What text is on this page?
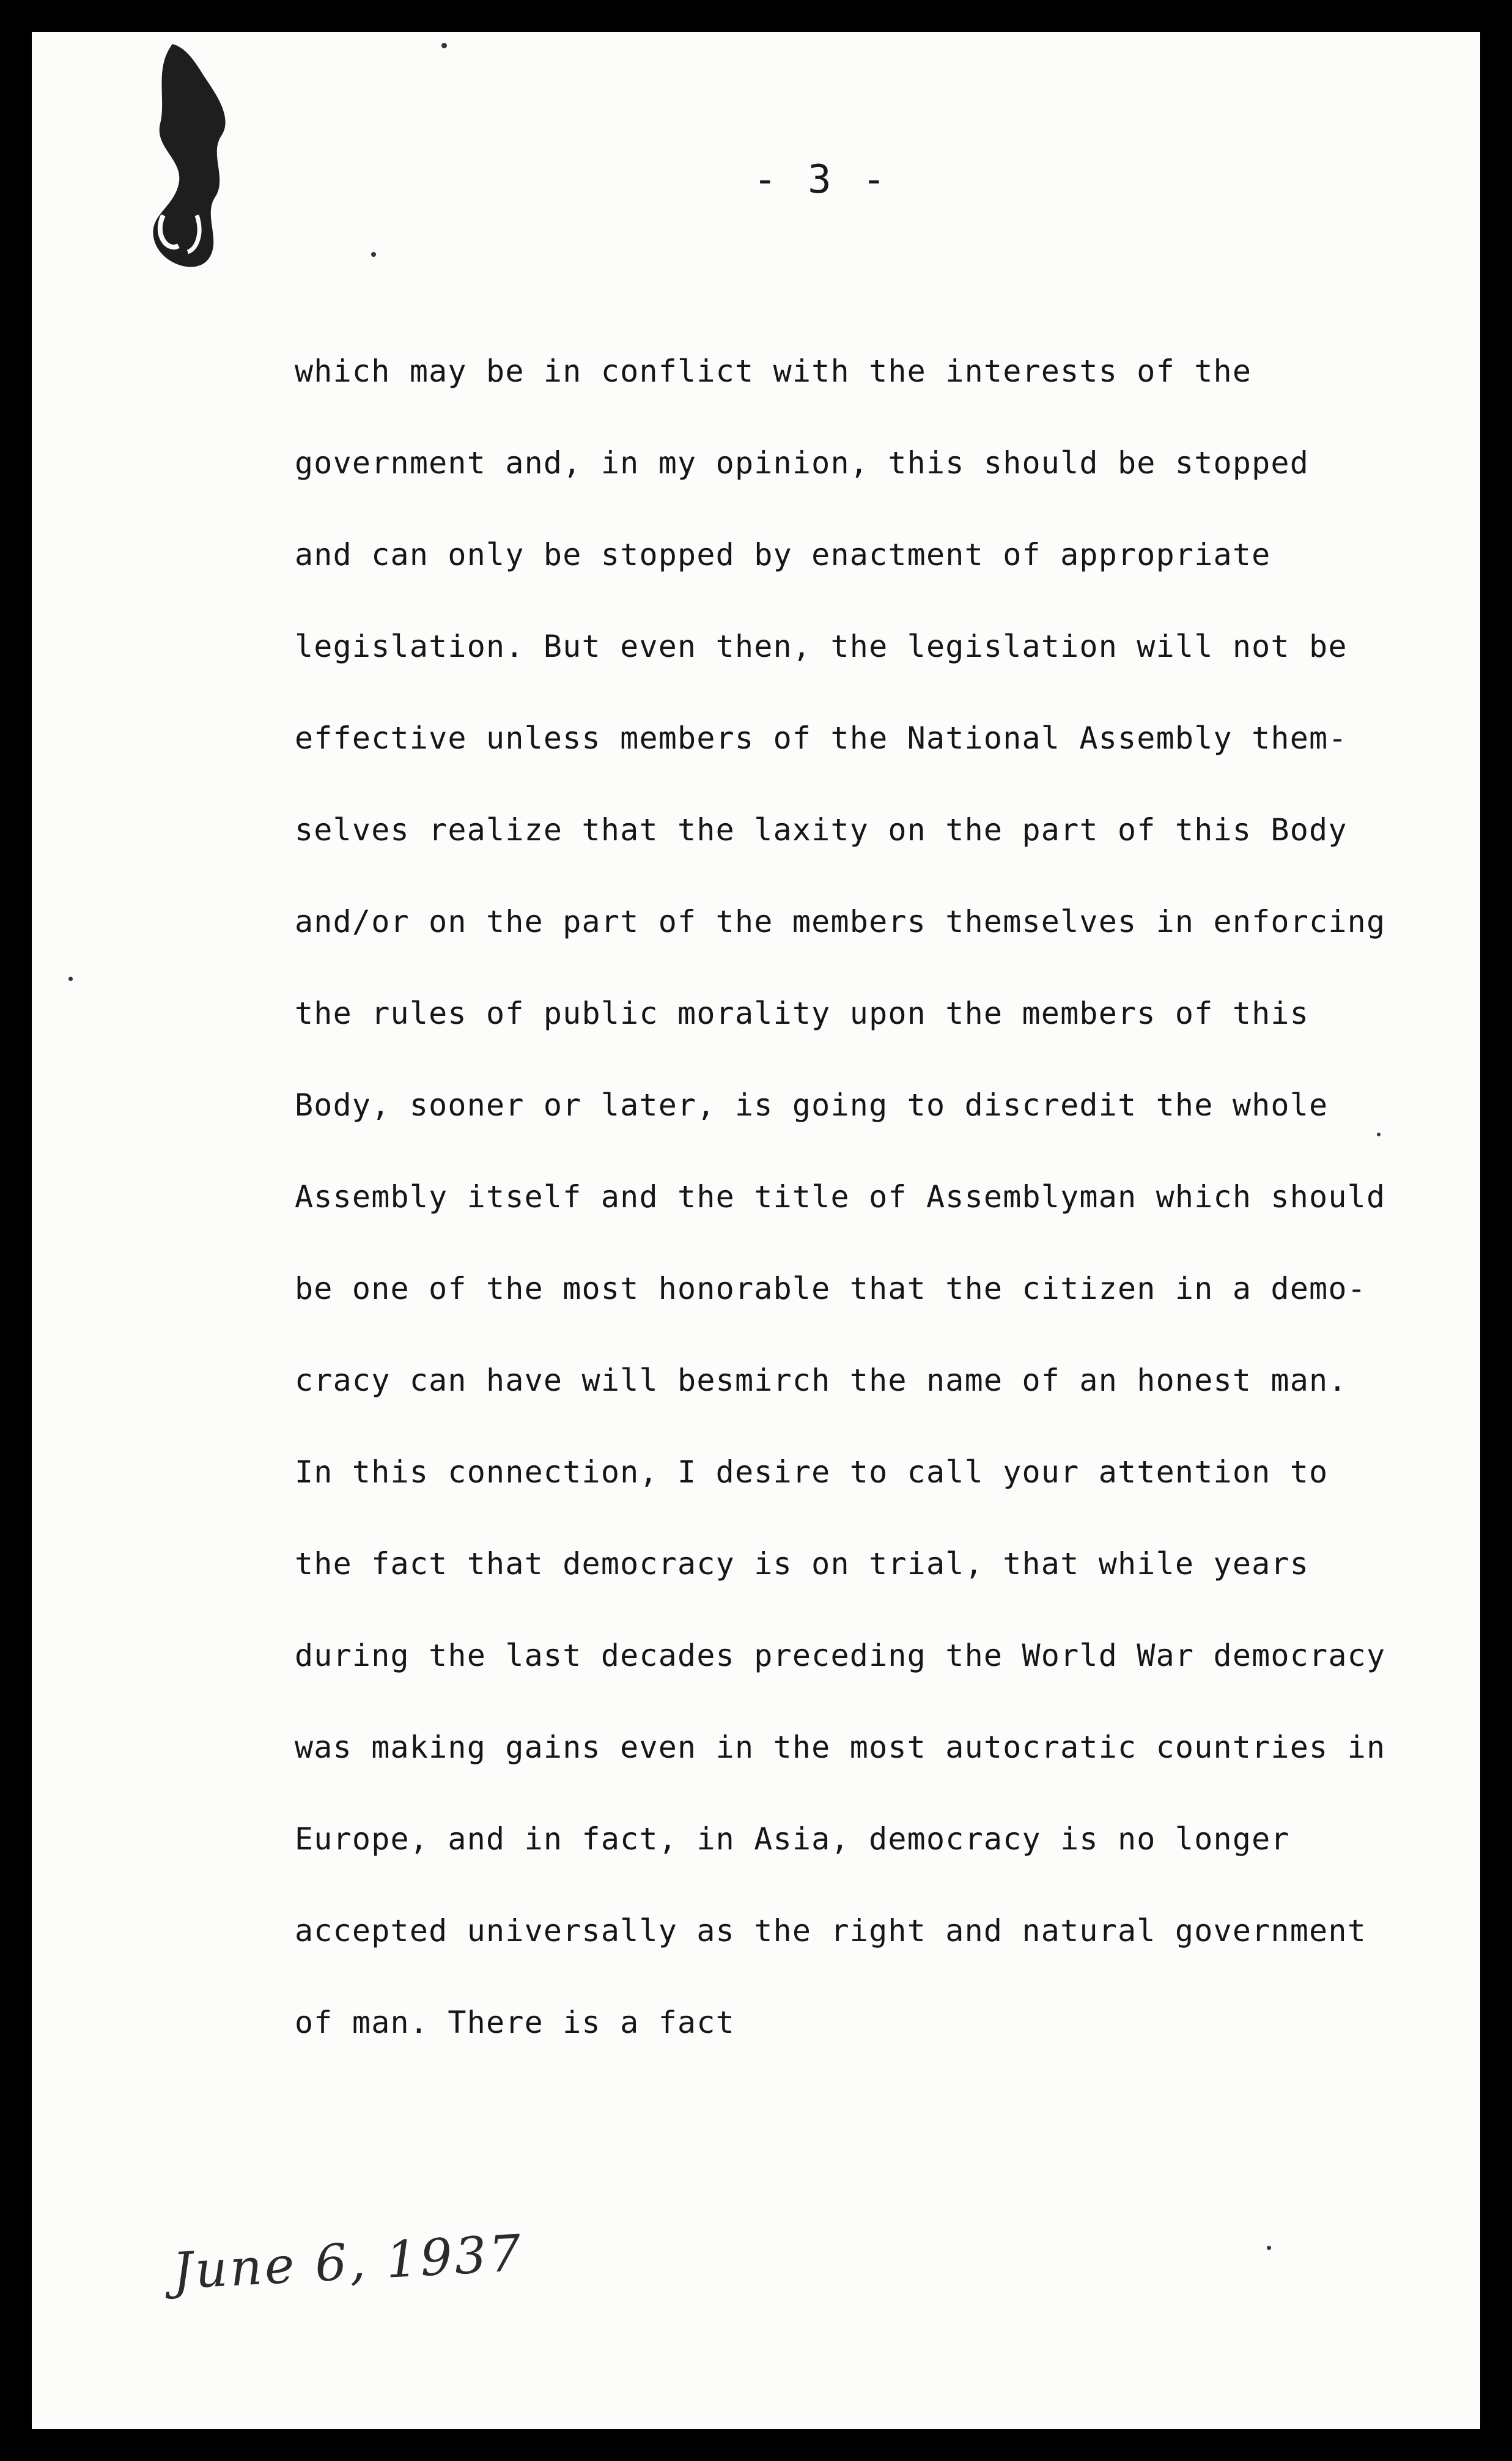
- 3 -

which may be in conflict with the interests of the
government and, in my opinion, this should be stopped
and can only be stopped by enactment of appropriate
legislation. But even then, the legislation will not be
effective unless members of the National Assembly them-
selves realize that the laxity on the part of this Body
and/or on the part of the members themselves in enforcing
the rules of public morality upon the members of this
Body, sooner or later, is going to discredit the whole
Assembly itself and the title of Assemblyman which should
be one of the most honorable that the citizen in a demo-
cracy can have will besmirch the name of an honest man.
In this connection, I desire to call your attention to
the fact that democracy is on trial, that while years
during the last decades preceding the World War democracy
was making gains even in the most autocratic countries in
Europe, and in fact, in Asia, democracy is no longer
accepted universally as the right and natural government
of man. There is a fact

June 6, 1937
